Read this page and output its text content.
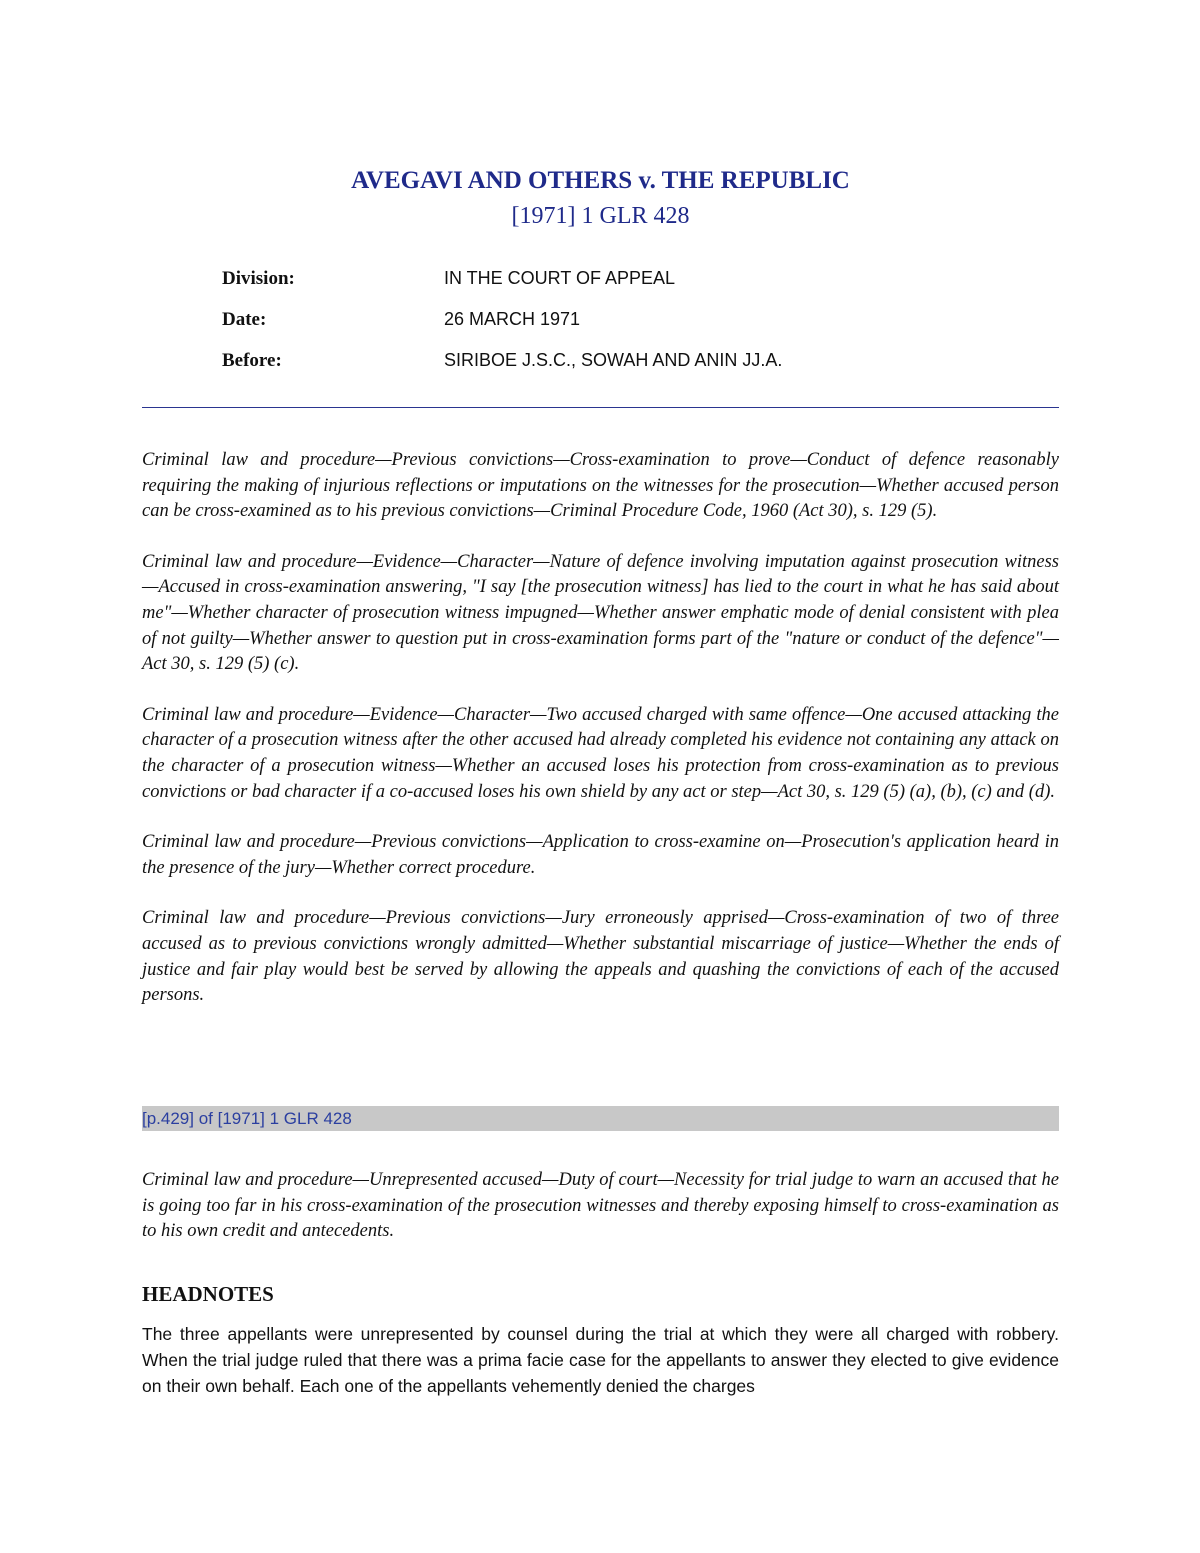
AVEGAVI AND OTHERS v. THE REPUBLIC
[1971] 1 GLR 428
Division:	IN THE COURT OF APPEAL
Date:	26 MARCH 1971
Before:	SIRIBOE J.S.C., SOWAH AND ANIN JJ.A.

Criminal law and procedure—Previous convictions—Cross-examination to prove—Conduct of defence reasonably requiring the making of injurious reflections or imputations on the witnesses for the prosecution—Whether accused person can be cross-examined as to his previous convictions—Criminal Procedure Code, 1960 (Act 30), s. 129 (5).

Criminal law and procedure—Evidence—Character—Nature of defence involving imputation against prosecution witness—Accused in cross-examination answering, "I say [the prosecution witness] has lied to the court in what he has said about me"—Whether character of prosecution witness impugned—Whether answer emphatic mode of denial consistent with plea of not guilty—Whether answer to question put in cross-examination forms part of the "nature or conduct of the defence"—Act 30, s. 129 (5) (c).

Criminal law and procedure—Evidence—Character—Two accused charged with same offence—One accused attacking the character of a prosecution witness after the other accused had already completed his evidence not containing any attack on the character of a prosecution witness—Whether an accused loses his protection from cross-examination as to previous convictions or bad character if a co-accused loses his own shield by any act or step—Act 30, s. 129 (5) (a), (b), (c) and (d).

Criminal law and procedure—Previous convictions—Application to cross-examine on—Prosecution's application heard in the presence of the jury—Whether correct procedure.

Criminal law and procedure—Previous convictions—Jury erroneously apprised—Cross-examination of two of three accused as to previous convictions wrongly admitted—Whether substantial miscarriage of justice—Whether the ends of justice and fair play would best be served by allowing the appeals and quashing the convictions of each of the accused persons.

[p.429] of [1971] 1 GLR 428

Criminal law and procedure—Unrepresented accused—Duty of court—Necessity for trial judge to warn an accused that he is going too far in his cross-examination of the prosecution witnesses and thereby exposing himself to cross-examination as to his own credit and antecedents.

HEADNOTES

The three appellants were unrepresented by counsel during the trial at which they were all charged with robbery. When the trial judge ruled that there was a prima facie case for the appellants to answer they elected to give evidence on their own behalf. Each one of the appellants vehemently denied the charges
